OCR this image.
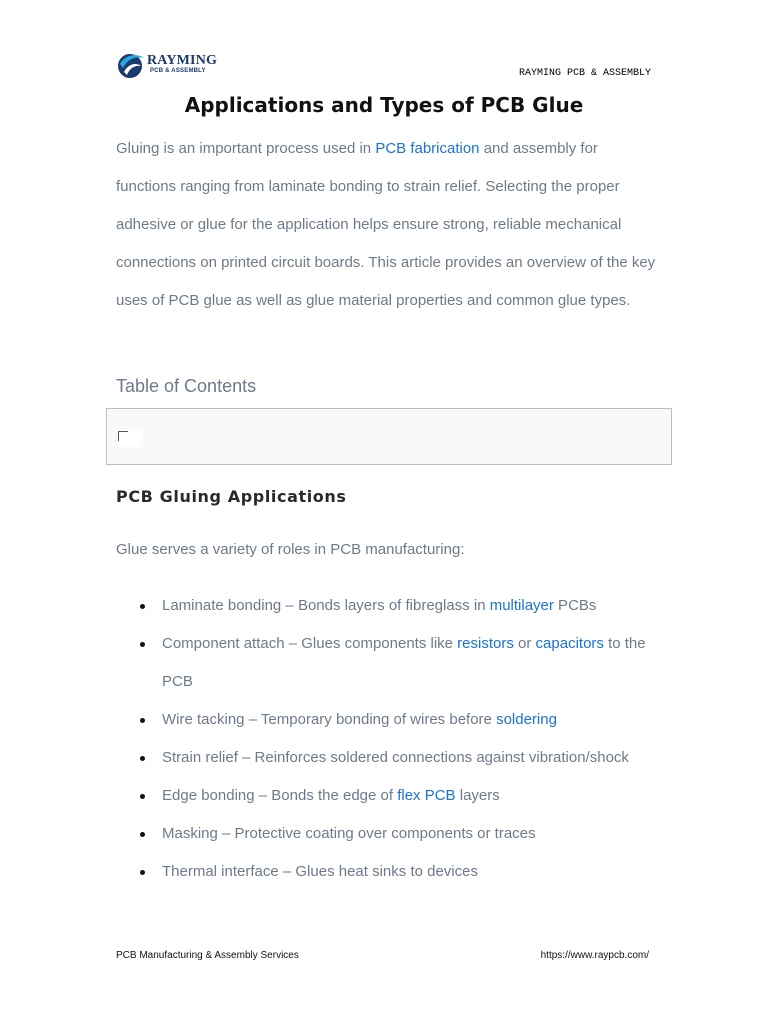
RAYMING
PCB & ASSEMBLY	RAYMING PCB & ASSEMBLY
Applications and Types of PCB Glue

Gluing is an important process used in PCB fabrication and assembly for functions ranging from laminate bonding to strain relief. Selecting the proper adhesive or glue for the application helps ensure strong, reliable mechanical connections on printed circuit boards. This article provides an overview of the key uses of PCB glue as well as glue material properties and common glue types.

Table of Contents
PCB Gluing Applications

Glue serves a variety of roles in PCB manufacturing:

Laminate bonding – Bonds layers of fibreglass in multilayer PCBs
Component attach – Glues components like resistors or capacitors to the PCB
Wire tacking – Temporary bonding of wires before soldering
Strain relief – Reinforces soldered connections against vibration/shock
Edge bonding – Bonds the edge of flex PCB layers
Masking – Protective coating over components or traces
Thermal interface – Glues heat sinks to devices
PCB Manufacturing & Assembly Services	https://www.raypcb.com/
